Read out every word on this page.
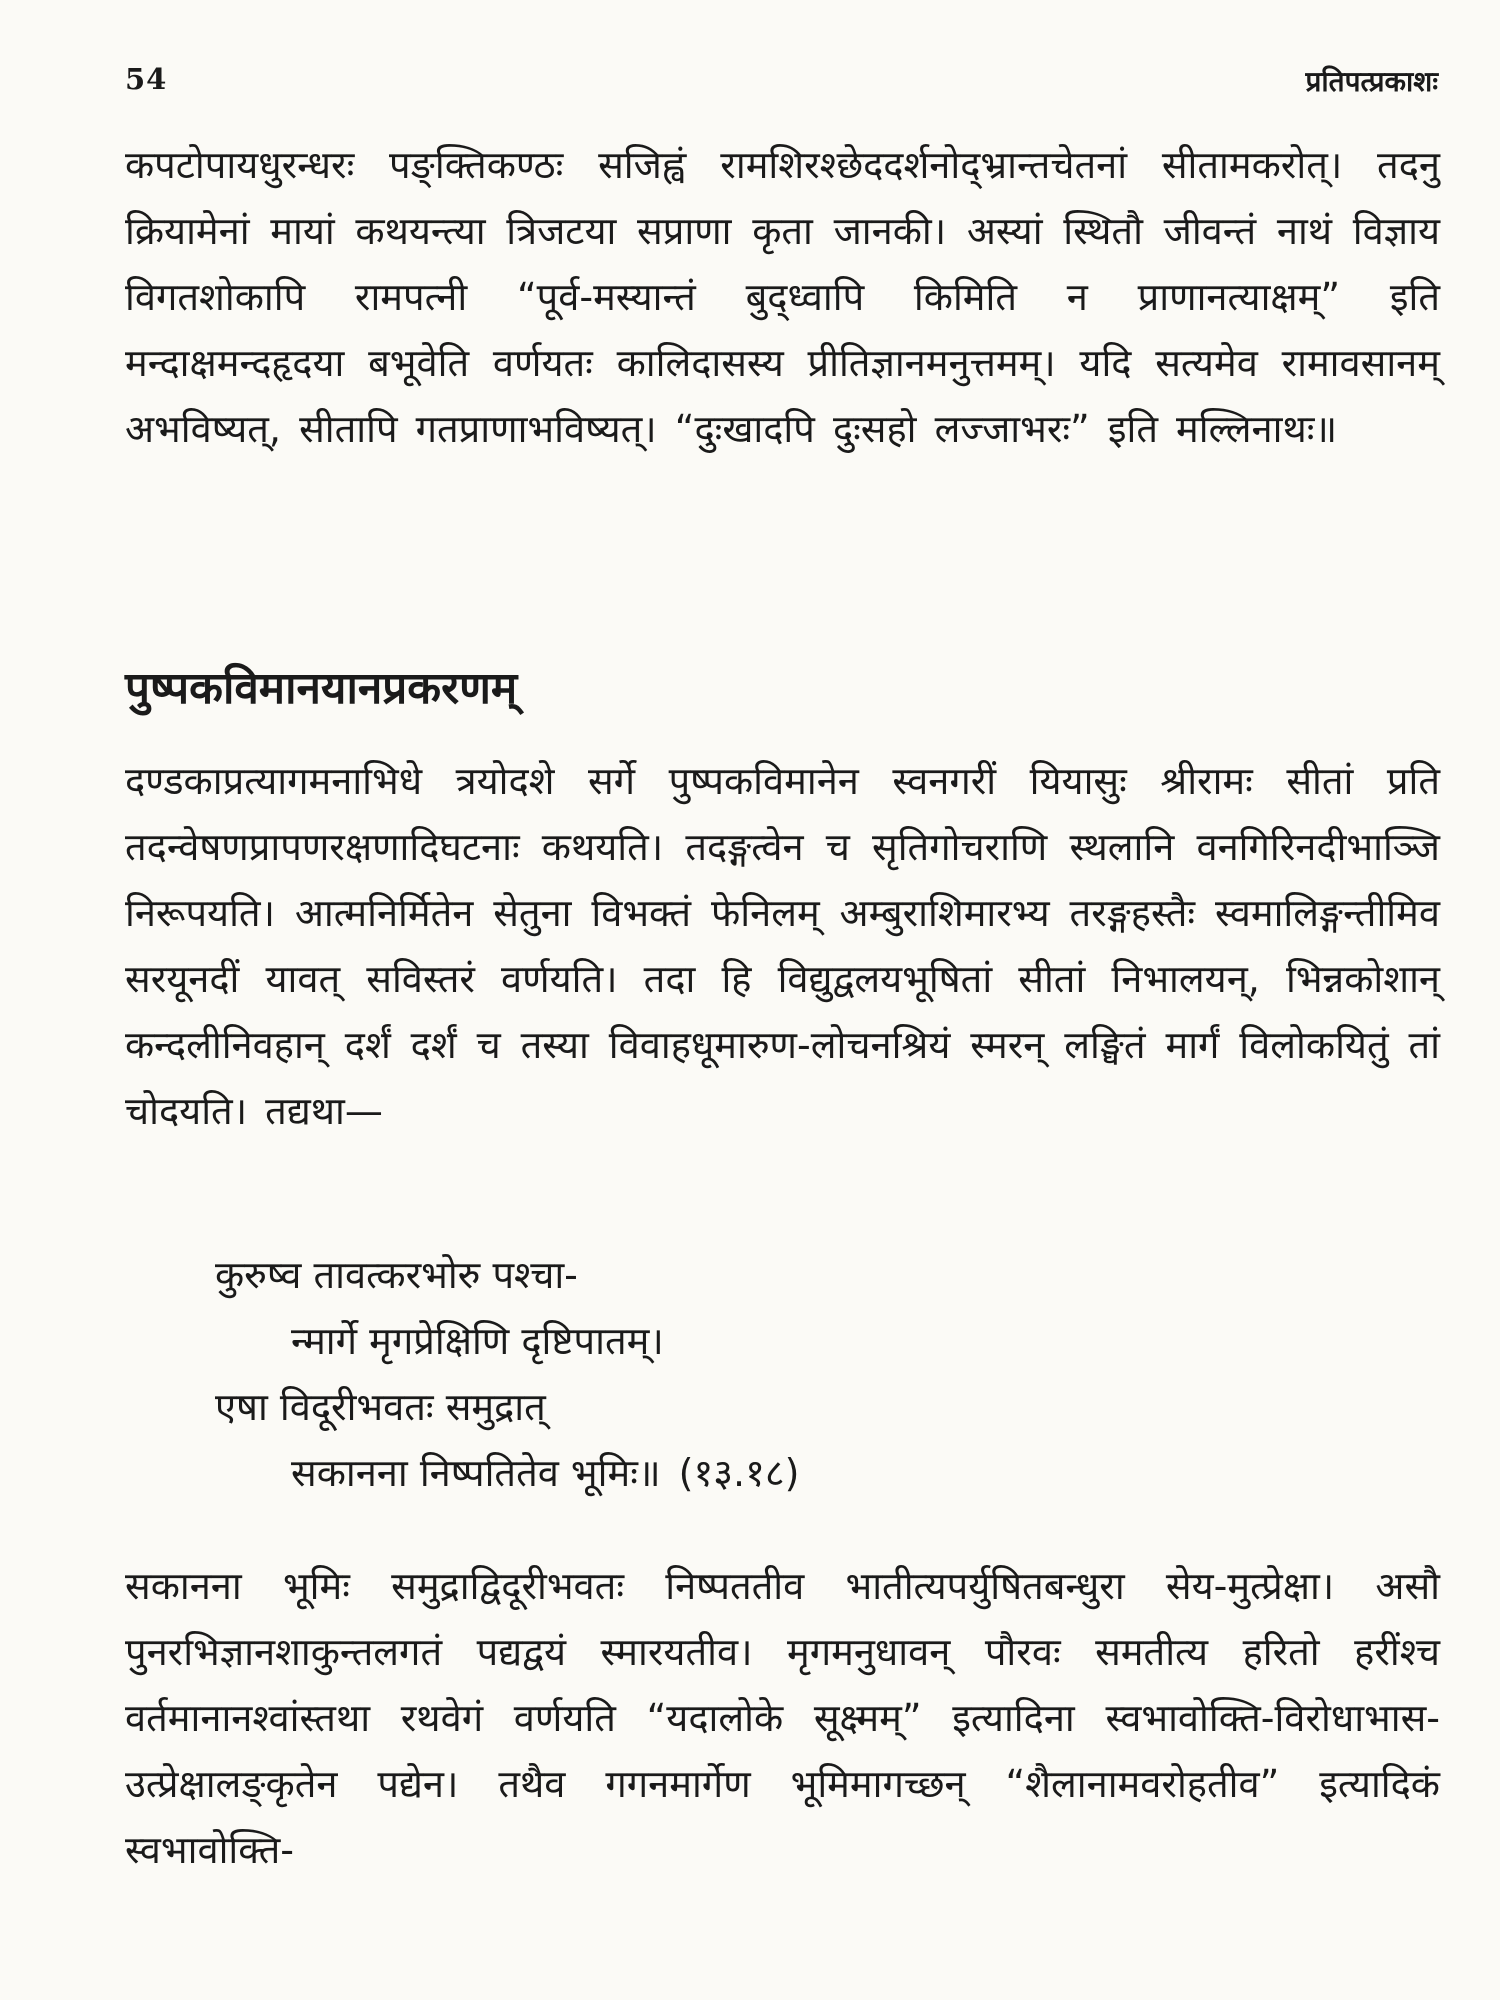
54	प्रतिपत्प्रकाशः

कपटोपायधुरन्धरः पङ्क्तिकण्ठः सजिह्वं रामशिरश्छेददर्शनोद्भ्रान्तचेतनां सीतामकरोत्। तदनु क्रियामेनां मायां कथयन्त्या त्रिजटया सप्राणा कृता जानकी। अस्यां स्थितौ जीवन्तं नाथं विज्ञाय विगतशोकापि रामपत्नी “पूर्व-मस्यान्तं बुद्ध्वापि किमिति न प्राणानत्याक्षम्” इति मन्दाक्षमन्दहृदया बभूवेति वर्णयतः कालिदासस्य प्रीतिज्ञानमनुत्तमम्। यदि सत्यमेव रामावसानम् अभविष्यत्, सीतापि गतप्राणाभविष्यत्। “दुःखादपि दुःसहो लज्जाभरः” इति मल्लिनाथः॥

पुष्पकविमानयानप्रकरणम्

दण्डकाप्रत्यागमनाभिधे त्रयोदशे सर्गे पुष्पकविमानेन स्वनगरीं यियासुः श्रीरामः सीतां प्रति तदन्वेषणप्रापणरक्षणादिघटनाः कथयति। तदङ्गत्वेन च सृतिगोचराणि स्थलानि वनगिरिनदीभाञ्जि निरूपयति। आत्मनिर्मितेन सेतुना विभक्तं फेनिलम् अम्बुराशिमारभ्य तरङ्गहस्तैः स्वमालिङ्गन्तीमिव सरयूनदीं यावत् सविस्तरं वर्णयति। तदा हि विद्युद्वलयभूषितां सीतां निभालयन्, भिन्नकोशान् कन्दलीनिवहान् दर्शं दर्शं च तस्या विवाहधूमारुण-लोचनश्रियं स्मरन् लङ्घितं मार्गं विलोकयितुं तां चोदयति। तद्यथा—

कुरुष्व तावत्करभोरु पश्चा-
न्मार्गे मृगप्रेक्षिणि दृष्टिपातम्।
एषा विदूरीभवतः समुद्रात्
सकानना निष्पतितेव भूमिः॥ (१३.१८)

सकानना भूमिः समुद्राद्विदूरीभवतः निष्पततीव भातीत्यपर्युषितबन्धुरा सेय-मुत्प्रेक्षा। असौ पुनरभिज्ञानशाकुन्तलगतं पद्यद्वयं स्मारयतीव। मृगमनुधावन् पौरवः समतीत्य हरितो हरींश्च वर्तमानानश्वांस्तथा रथवेगं वर्णयति “यदालोके सूक्ष्मम्” इत्यादिना स्वभावोक्ति-विरोधाभास-उत्प्रेक्षालङ्कृतेन पद्येन। तथैव गगनमार्गेण भूमिमागच्छन् “शैलानामवरोहतीव” इत्यादिकं स्वभावोक्ति-
